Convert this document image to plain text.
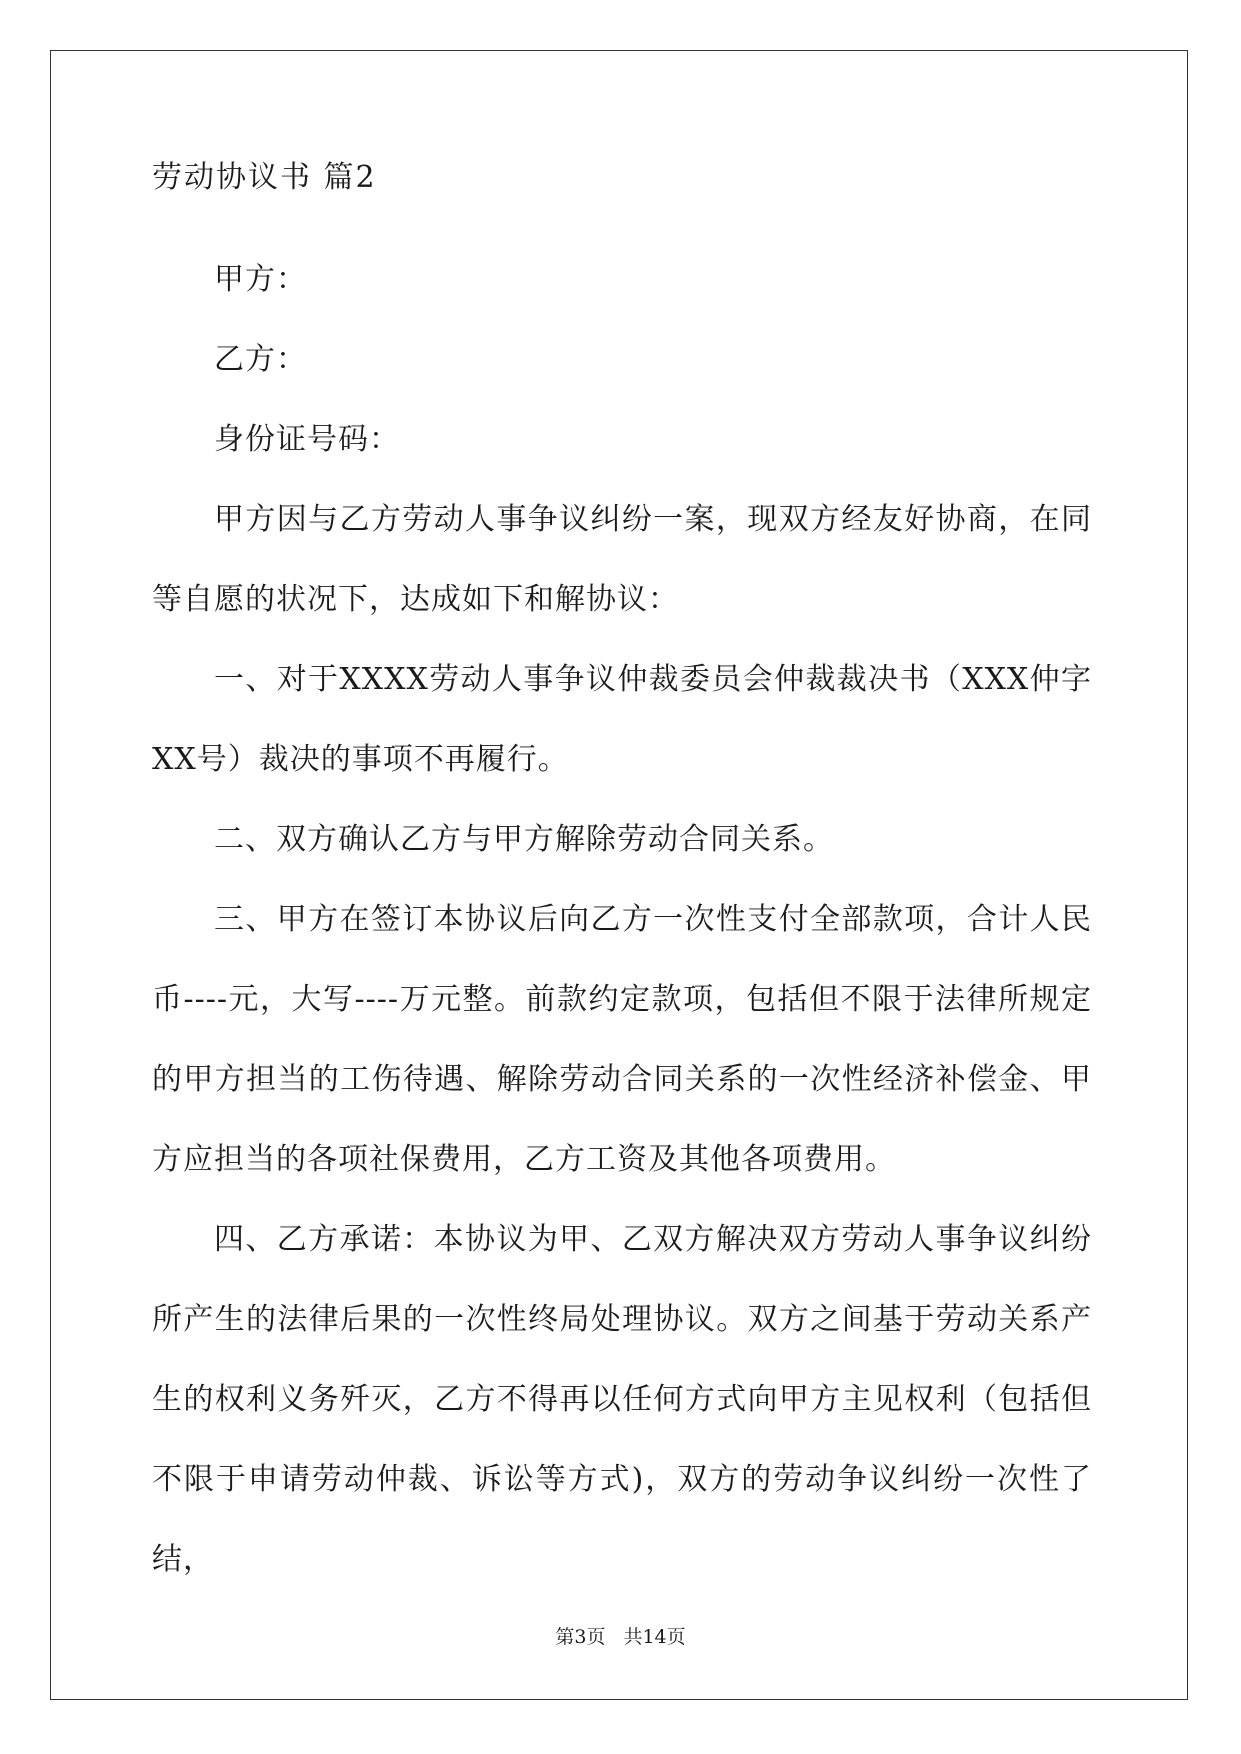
劳动协议书 篇2

甲方：

乙方：

身份证号码：

甲方因与乙方劳动人事争议纠纷一案，现双方经友好协商，在同等自愿的状况下，达成如下和解协议：

一、对于XXXX劳动人事争议仲裁委员会仲裁裁决书（XXX仲字XX号）裁决的事项不再履行。

二、双方确认乙方与甲方解除劳动合同关系。

三、甲方在签订本协议后向乙方一次性支付全部款项，合计人民币----元，大写----万元整。前款约定款项，包括但不限于法律所规定的甲方担当的工伤待遇、解除劳动合同关系的一次性经济补偿金、甲方应担当的各项社保费用，乙方工资及其他各项费用。

四、乙方承诺：本协议为甲、乙双方解决双方劳动人事争议纠纷所产生的法律后果的一次性终局处理协议。双方之间基于劳动关系产生的权利义务歼灭，乙方不得再以任何方式向甲方主见权利（包括但不限于申请劳动仲裁、诉讼等方式)，双方的劳动争议纠纷一次性了结，

第3页 共14页
